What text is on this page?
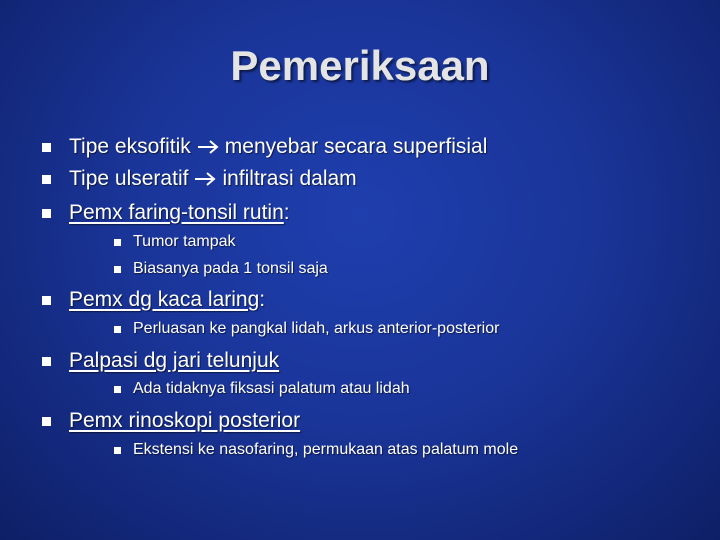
Pemeriksaan
Tipe eksofitik menyebar secara superfisial
Tipe ulseratif infiltrasi dalam
Pemx faring-tonsil rutin :
Tumor tampak
Biasanya pada 1 tonsil saja
Pemx dg kaca laring :
Perluasan ke pangkal lidah, arkus anterior-posterior
Palpasi dg jari telunjuk
Ada tidaknya fiksasi palatum atau lidah
Pemx rinoskopi posterior
Ekstensi ke nasofaring, permukaan atas palatum mole
